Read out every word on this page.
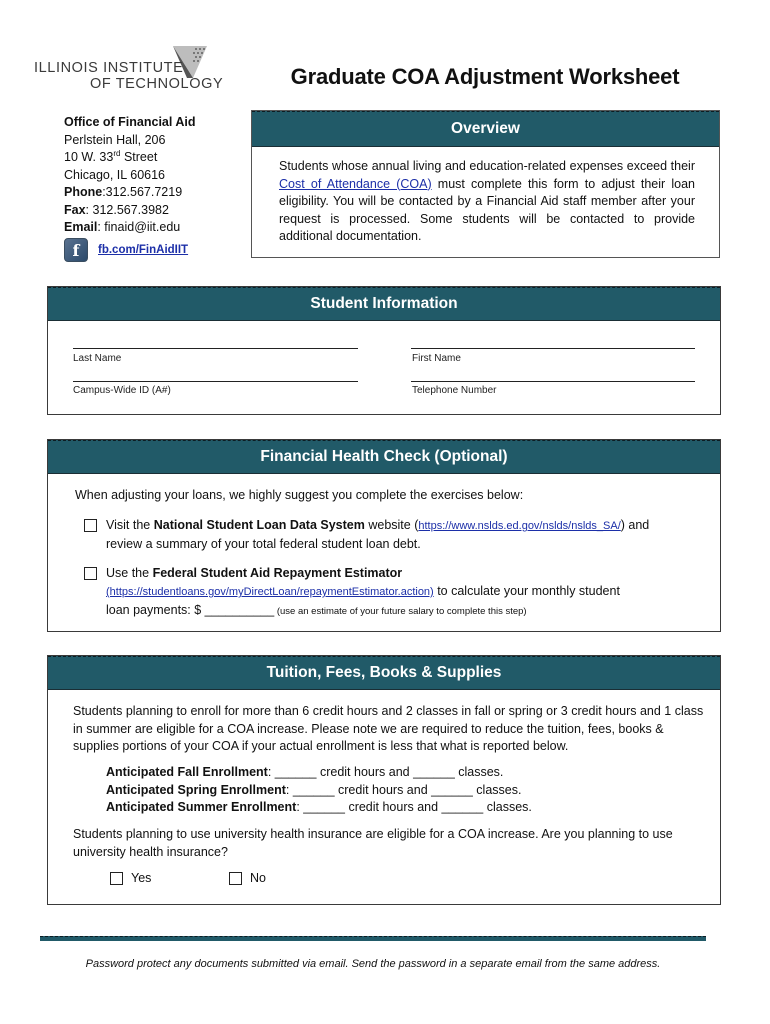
ILLINOIS INSTITUTE
OF TECHNOLOGY	Graduate COA Adjustment Worksheet
Office of Financial Aid
Perlstein Hall, 206
10 W. 33rd Street
Chicago, IL 60616
Phone:312.567.7219
Fax: 312.567.3982
Email: finaid@iit.edu
f	fb.com/FinAidIIT
Overview
Students whose annual living and education-related expenses exceed their Cost of Attendance (COA) must complete this form to adjust their loan eligibility. You will be contacted by a Financial Aid staff member after your request is processed. Some students will be contacted to provide additional documentation.
Student Information
Last Name	First Name
Campus-Wide ID (A#)	Telephone Number
Financial Health Check (Optional)
When adjusting your loans, we highly suggest you complete the exercises below:
Visit the National Student Loan Data System website (https://www.nslds.ed.gov/nslds/nslds_SA/) and
review a summary of your total federal student loan debt.
Use the Federal Student Aid Repayment Estimator
(https://studentloans.gov/myDirectLoan/repaymentEstimator.action) to calculate your monthly student
loan payments: $ __________ (use an estimate of your future salary to complete this step)
Tuition, Fees, Books & Supplies
Students planning to enroll for more than 6 credit hours and 2 classes in fall or spring or 3 credit hours and 1 class in summer are eligible for a COA increase. Please note we are required to reduce the tuition, fees, books & supplies portions of your COA if your actual enrollment is less that what is reported below.
Anticipated Fall Enrollment: ______ credit hours and ______ classes.
Anticipated Spring Enrollment: ______ credit hours and ______ classes.
Anticipated Summer Enrollment: ______ credit hours and ______ classes.
Students planning to use university health insurance are eligible for a COA increase. Are you planning to use university health insurance?
Yes	No
Password protect any documents submitted via email. Send the password in a separate email from the same address.
